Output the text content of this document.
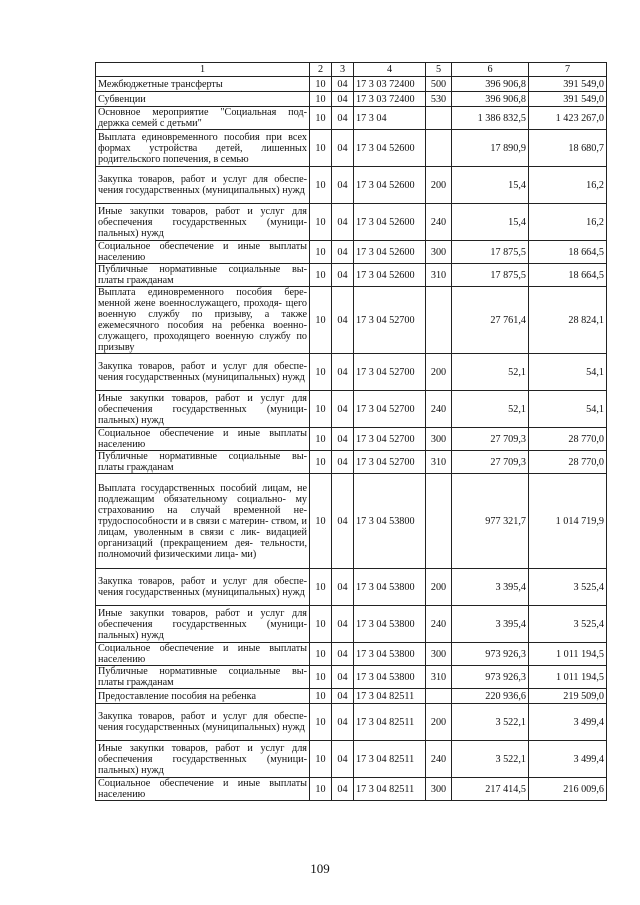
1	2	3	4	5	6	7
Межбюджетные трансферты	10	04	17 3 03 72400	500	396 906,8	391 549,0
Субвенции	10	04	17 3 03 72400	530	396 906,8	391 549,0
Основное мероприятие "Социальная под- держка семей с детьми"	10	04	17 3 04		1 386 832,5	1 423 267,0
Выплата единовременного пособия при всех формах устройства детей, лишенных родительского попечения, в семью	10	04	17 3 04 52600		17 890,9	18 680,7
Закупка товаров, работ и услуг для обеспе- чения государственных (муниципальных) нужд	10	04	17 3 04 52600	200	15,4	16,2
Иные закупки товаров, работ и услуг для обеспечения государственных (муници- пальных) нужд	10	04	17 3 04 52600	240	15,4	16,2
Социальное обеспечение и иные выплаты населению	10	04	17 3 04 52600	300	17 875,5	18 664,5
Публичные нормативные социальные вы- платы гражданам	10	04	17 3 04 52600	310	17 875,5	18 664,5
Выплата единовременного пособия бере- менной жене военнослужащего, проходя- щего военную службу по призыву, а также ежемесячного пособия на ребенка военно- служащего, проходящего военную службу по призыву	10	04	17 3 04 52700		27 761,4	28 824,1
Закупка товаров, работ и услуг для обеспе- чения государственных (муниципальных) нужд	10	04	17 3 04 52700	200	52,1	54,1
Иные закупки товаров, работ и услуг для обеспечения государственных (муници- пальных) нужд	10	04	17 3 04 52700	240	52,1	54,1
Социальное обеспечение и иные выплаты населению	10	04	17 3 04 52700	300	27 709,3	28 770,0
Публичные нормативные социальные вы- платы гражданам	10	04	17 3 04 52700	310	27 709,3	28 770,0
Выплата государственных пособий лицам, не подлежащим обязательному социально- му страхованию на случай временной не- трудоспособности и в связи с материн- ством, и лицам, уволенным в связи с лик- видацией организаций (прекращением дея- тельности, полномочий физическими лица- ми)	10	04	17 3 04 53800		977 321,7	1 014 719,9
Закупка товаров, работ и услуг для обеспе- чения государственных (муниципальных) нужд	10	04	17 3 04 53800	200	3 395,4	3 525,4
Иные закупки товаров, работ и услуг для обеспечения государственных (муници- пальных) нужд	10	04	17 3 04 53800	240	3 395,4	3 525,4
Социальное обеспечение и иные выплаты населению	10	04	17 3 04 53800	300	973 926,3	1 011 194,5
Публичные нормативные социальные вы- платы гражданам	10	04	17 3 04 53800	310	973 926,3	1 011 194,5
Предоставление пособия на ребенка	10	04	17 3 04 82511		220 936,6	219 509,0
Закупка товаров, работ и услуг для обеспе- чения государственных (муниципальных) нужд	10	04	17 3 04 82511	200	3 522,1	3 499,4
Иные закупки товаров, работ и услуг для обеспечения государственных (муници- пальных) нужд	10	04	17 3 04 82511	240	3 522,1	3 499,4
Социальное обеспечение и иные выплаты населению	10	04	17 3 04 82511	300	217 414,5	216 009,6
109
